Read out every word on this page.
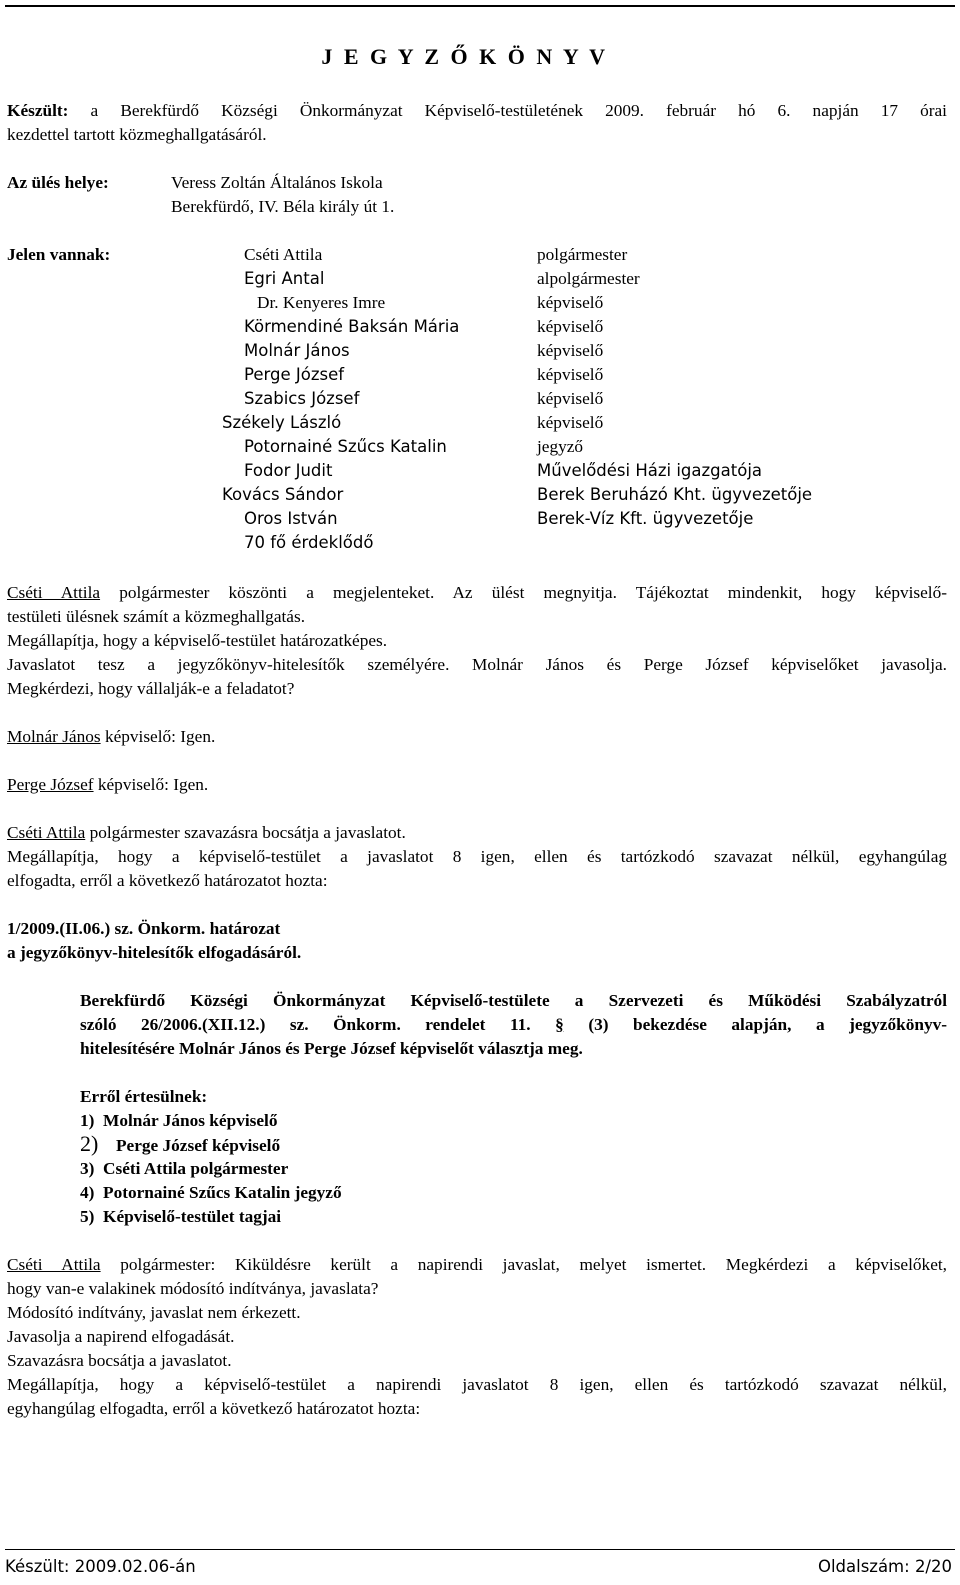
J E G Y Z Ő K Ö N Y V
Készült: a Berekfürdő Községi Önkormányzat Képviselő-testületének 2009. február hó 6. napján 17 órai
kezdettel tartott közmeghallgatásáról.
Az ülés helye:	Veress Zoltán Általános Iskola
Berekfürdő, IV. Béla király út 1.
Jelen vannak:	Cséti Attila	polgármester
Egri Antal	alpolgármester
Dr. Kenyeres Imre	képviselő
Körmendiné Baksán Mária	képviselő
Molnár János	képviselő
Perge József	képviselő
Szabics József	képviselő
Székely László	képviselő
Potornainé Szűcs Katalin	jegyző
Fodor Judit	Művelődési Házi igazgatója
Kovács Sándor	Berek Beruházó Kht. ügyvezetője
Oros István	Berek-Víz Kft. ügyvezetője
70 fő érdeklődő
Cséti Attila polgármester köszönti a megjelenteket. Az ülést megnyitja. Tájékoztat mindenkit, hogy képviselő-
testületi ülésnek számít a közmeghallgatás.
Megállapítja, hogy a képviselő-testület határozatképes.
Javaslatot tesz a jegyzőkönyv-hitelesítők személyére. Molnár János és Perge József képviselőket javasolja.
Megkérdezi, hogy vállalják-e a feladatot?
Molnár János képviselő: Igen.
Perge József képviselő: Igen.
Cséti Attila polgármester szavazásra bocsátja a javaslatot.
Megállapítja, hogy a képviselő-testület a javaslatot 8 igen, ellen és tartózkodó szavazat nélkül, egyhangúlag
elfogadta, erről a következő határozatot hozta:
1/2009.(II.06.) sz. Önkorm. határozat
a jegyzőkönyv-hitelesítők elfogadásáról.
Berekfürdő Községi Önkormányzat Képviselő-testülete a Szervezeti és Működési Szabályzatról
szóló 26/2006.(XII.12.) sz. Önkorm. rendelet 11. § (3) bekezdése alapján, a jegyzőkönyv-
hitelesítésére Molnár János és Perge József képviselőt választja meg.
Erről értesülnek:
1)  Molnár János képviselő
2) Perge József képviselő
3)  Cséti Attila polgármester
4)  Potornainé Szűcs Katalin jegyző
5)  Képviselő-testület tagjai
Cséti Attila polgármester: Kiküldésre került a napirendi javaslat, melyet ismertet. Megkérdezi a képviselőket,
hogy van-e valakinek módosító indítványa, javaslata?
Módosító indítvány, javaslat nem érkezett.
Javasolja a napirend elfogadását.
Szavazásra bocsátja a javaslatot.
Megállapítja, hogy a képviselő-testület a napirendi javaslatot 8 igen, ellen és tartózkodó szavazat nélkül,
egyhangúlag elfogadta, erről a következő határozatot hozta:
Készült: 2009.02.06-án	Oldalszám: 2/20
